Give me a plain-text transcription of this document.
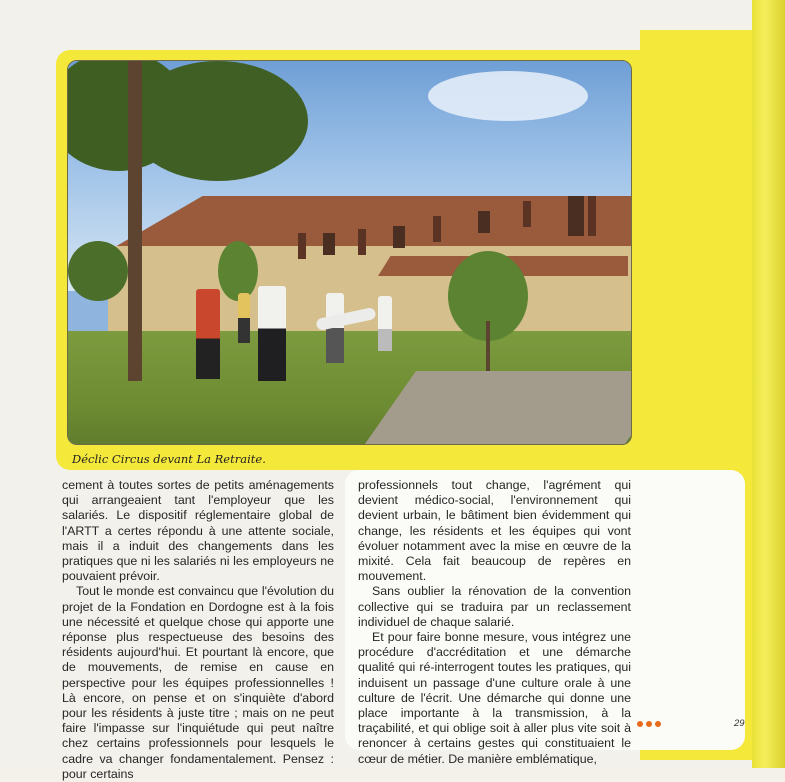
Déclic Circus devant La Retraite.

cement à toutes sortes de petits aménagements qui arrangeaient tant l'employeur que les salariés. Le dispositif réglementaire global de l'ARTT a certes répondu à une attente sociale, mais il a induit des changements dans les pratiques que ni les salariés ni les employeurs ne pouvaient prévoir.

Tout le monde est convaincu que l'évolution du projet de la Fondation en Dordogne est à la fois une nécessité et quelque chose qui apporte une réponse plus respectueuse des besoins des résidents aujourd'hui. Et pourtant là encore, que de mouvements, de remise en cause en perspective pour les équipes professionnelles ! Là encore, on pense et on s'inquiète d'abord pour les résidents à juste titre ; mais on ne peut faire l'impasse sur l'inquiétude qui peut naître chez certains professionnels pour lesquels le cadre va changer fondamentalement. Pensez : pour certains

professionnels tout change, l'agrément qui devient médico-social, l'environnement qui devient urbain, le bâtiment bien évidemment qui change, les résidents et les équipes qui vont évoluer notamment avec la mise en œuvre de la mixité. Cela fait beaucoup de repères en mouvement.

Sans oublier la rénovation de la convention collective qui se traduira par un reclassement individuel de chaque salarié.

Et pour faire bonne mesure, vous intégrez une procédure d'accréditation et une démarche qualité qui ré-interrogent toutes les pratiques, qui induisent un passage d'une culture orale à une culture de l'écrit. Une démarche qui donne une place importante à la transmission, à la traçabilité, et qui oblige soit à aller plus vite soit à renoncer à certains gestes qui constituaient le cœur de métier. De manière emblématique,

29
